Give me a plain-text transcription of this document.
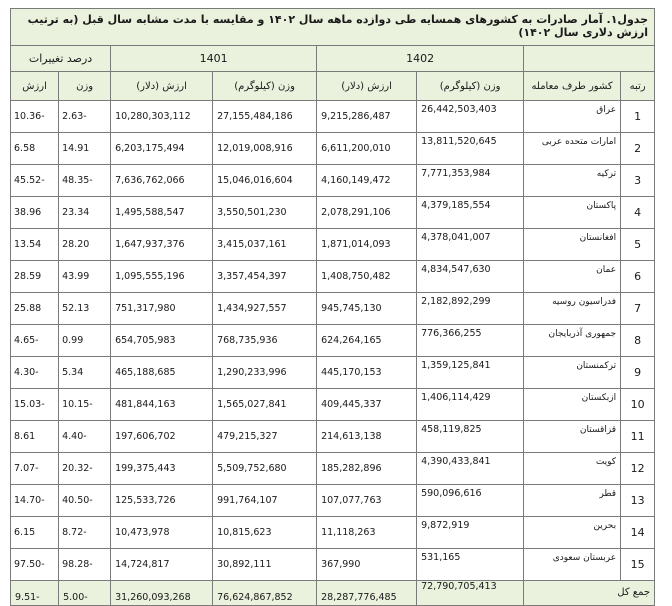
جدول۱. آمار صادرات به کشورهای همسایه طی دوازده ماهه سال ۱۴۰۲ و مقایسه با مدت مشابه سال قبل (به ترتیب ارزش دلاری سال ۱۴۰۲)							
		1402		1401		درصد تغییرات	
رتبه	کشور طرف معامله	وزن (کیلوگرم)	ارزش (دلار)	وزن (کیلوگرم)	ارزش (دلار)	وزن	ارزش
1	عراق	26,442,503,403	9,215,286,487	27,155,484,186	10,280,303,112	-2.63	-10.36
2	امارات متحده عربی	13,811,520,645	6,611,200,010	12,019,008,916	6,203,175,494	14.91	6.58
3	ترکیه	7,771,353,984	4,160,149,472	15,046,016,604	7,636,762,066	-48.35	-45.52
4	پاکستان	4,379,185,554	2,078,291,106	3,550,501,230	1,495,588,547	23.34	38.96
5	افغانستان	4,378,041,007	1,871,014,093	3,415,037,161	1,647,937,376	28.20	13.54
6	عمان	4,834,547,630	1,408,750,482	3,357,454,397	1,095,555,196	43.99	28.59
7	فدراسیون روسیه	2,182,892,299	945,745,130	1,434,927,557	751,317,980	52.13	25.88
8	جمهوری آذربایجان	776,366,255	624,264,165	768,735,936	654,705,983	0.99	-4.65
9	ترکمنستان	1,359,125,841	445,170,153	1,290,233,996	465,188,685	5.34	-4.30
10	ازبکستان	1,406,114,429	409,445,337	1,565,027,841	481,844,163	-10.15	-15.03
11	قزاقستان	458,119,825	214,613,138	479,215,327	197,606,702	-4.40	8.61
12	کویت	4,390,433,841	185,282,896	5,509,752,680	199,375,443	-20.32	-7.07
13	قطر	590,096,616	107,077,763	991,764,107	125,533,726	-40.50	-14.70
14	بحرین	9,872,919	11,118,263	10,815,623	10,473,978	-8.72	6.15
15	عربستان سعودی	531,165	367,990	30,892,111	14,724,817	-98.28	-97.50
جمع کل		72,790,705,413	28,287,776,485	76,624,867,852	31,260,093,268	-5.00	-9.51
